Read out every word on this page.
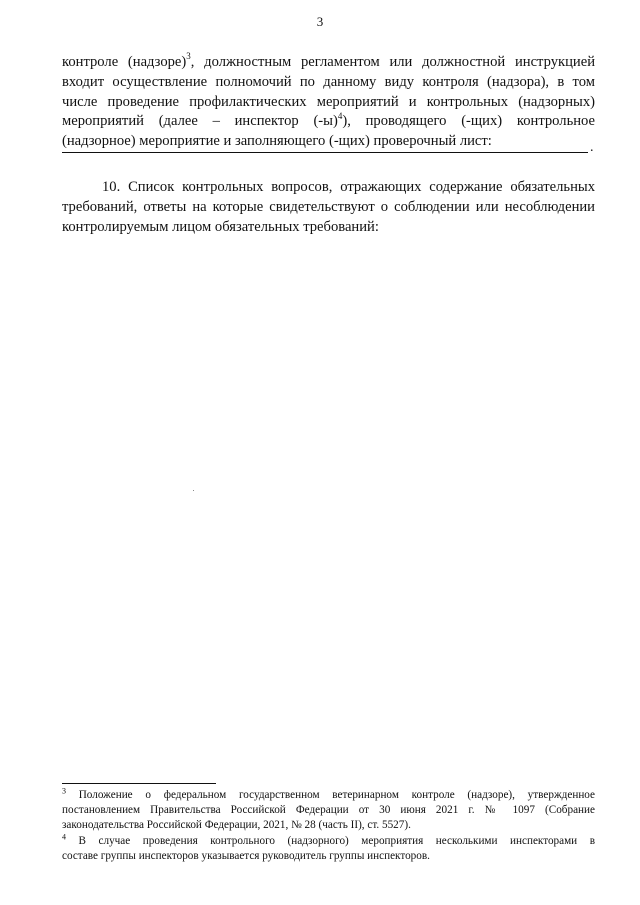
3
контроле (надзоре)$^3$, должностным регламентом или должностной инструкцией
входит осуществление полномочий по данному виду контроля (надзора), в том
числе проведение профилактических мероприятий и контрольных (надзорных)
мероприятий (далее – инспектор $(-ы)^4$), проводящего (-щих) контрольное
(надзорное) мероприятие и заполняющего (-щих) проверочный лист:	.
10. Список контрольных вопросов, отражающих содержание обязательных
требований, ответы на которые свидетельствуют о соблюдении или несоблюдении
контролируемым лицом обязательных требований:
$^3$ Положение о федеральном государственном ветеринарном контроле (надзоре), утвержденное
постановлением Правительства Российской Федерации от 30 июня 2021 г. № 1097 (Собрание
законодательства Российской Федерации, 2021, № 28 (часть II), ст. 5527).
$^4$ В случае проведения контрольного (надзорного) мероприятия несколькими инспекторами в
составе группы инспекторов указывается руководитель группы инспекторов.
